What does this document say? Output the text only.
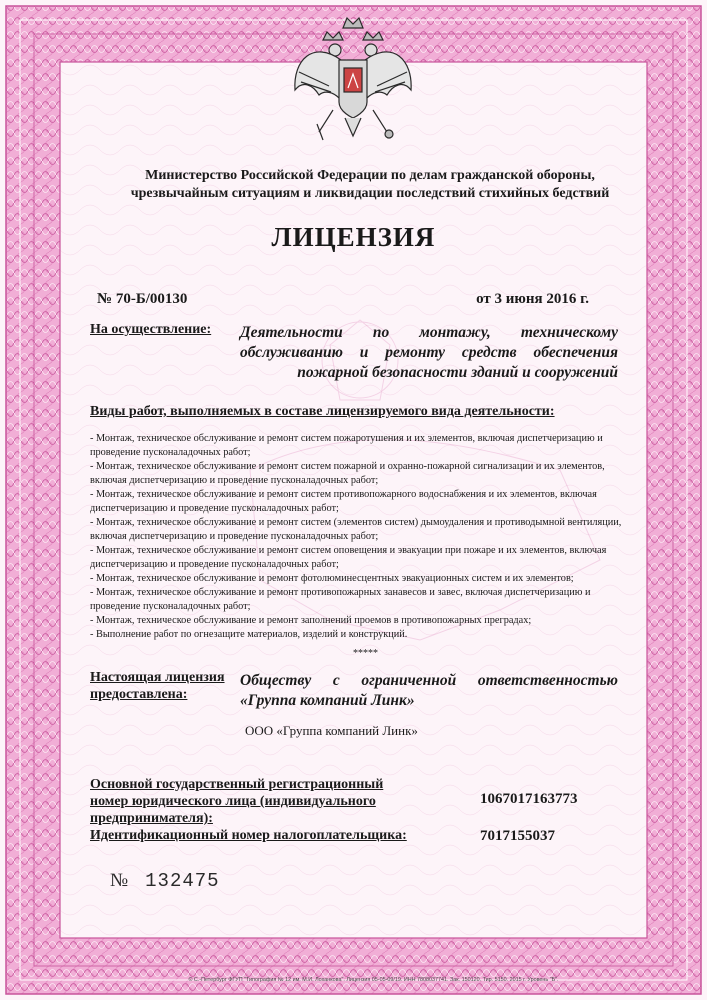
Министерство Российской Федерации по делам гражданской обороны,
чрезвычайным ситуациям и ликвидации последствий стихийных бедствий
ЛИЦЕНЗИЯ
№ 70-Б/00130	от 3 июня 2016 г.
На осуществление: Деятельности по монтажу, техническому обслуживанию и ремонту средств обеспечения пожарной безопасности зданий и сооружений
Виды работ, выполняемых в составе лицензируемого вида деятельности:
- Монтаж, техническое обслуживание и ремонт систем пожаротушения и их элементов, включая диспетчеризацию и проведение пусконаладочных работ;
- Монтаж, техническое обслуживание и ремонт систем пожарной и охранно-пожарной сигнализации и их элементов, включая диспетчеризацию и проведение пусконаладочных работ;
- Монтаж, техническое обслуживание и ремонт систем противопожарного водоснабжения и их элементов, включая диспетчеризацию и проведение пусконаладочных работ;
- Монтаж, техническое обслуживание и ремонт систем (элементов систем) дымоудаления и противодымной вентиляции, включая диспетчеризацию и проведение пусконаладочных работ;
- Монтаж, техническое обслуживание и ремонт систем оповещения и эвакуации при пожаре и их элементов, включая диспетчеризацию и проведение пусконаладочных работ;
- Монтаж, техническое обслуживание и ремонт фотолюминесцентных эвакуационных систем и их элементов;
- Монтаж, техническое обслуживание и ремонт противопожарных занавесов и завес, включая диспетчеризацию и проведение пусконаладочных работ;
- Монтаж, техническое обслуживание и ремонт заполнений проемов в противопожарных преградах;
- Выполнение работ по огнезащите материалов, изделий и конструкций.
*****
Настоящая лицензия
предоставлена:
Обществу с ограниченной ответственностью «Группа компаний Линк»
ООО «Группа компаний Линк»
Основной государственный регистрационный
номер юридического лица (индивидуального
предпринимателя):
1067017163773
Идентификационный номер налогоплательщика:	7017155037
№ 132475
© С.-Петербург ФГУП "Типография № 12 им. М.И. Лоханкова". Лицензия 05-05-09/19. ИНН 7808037741. Зак. 150120. Тир. 5150. 2015 г. Уровень "Б".
